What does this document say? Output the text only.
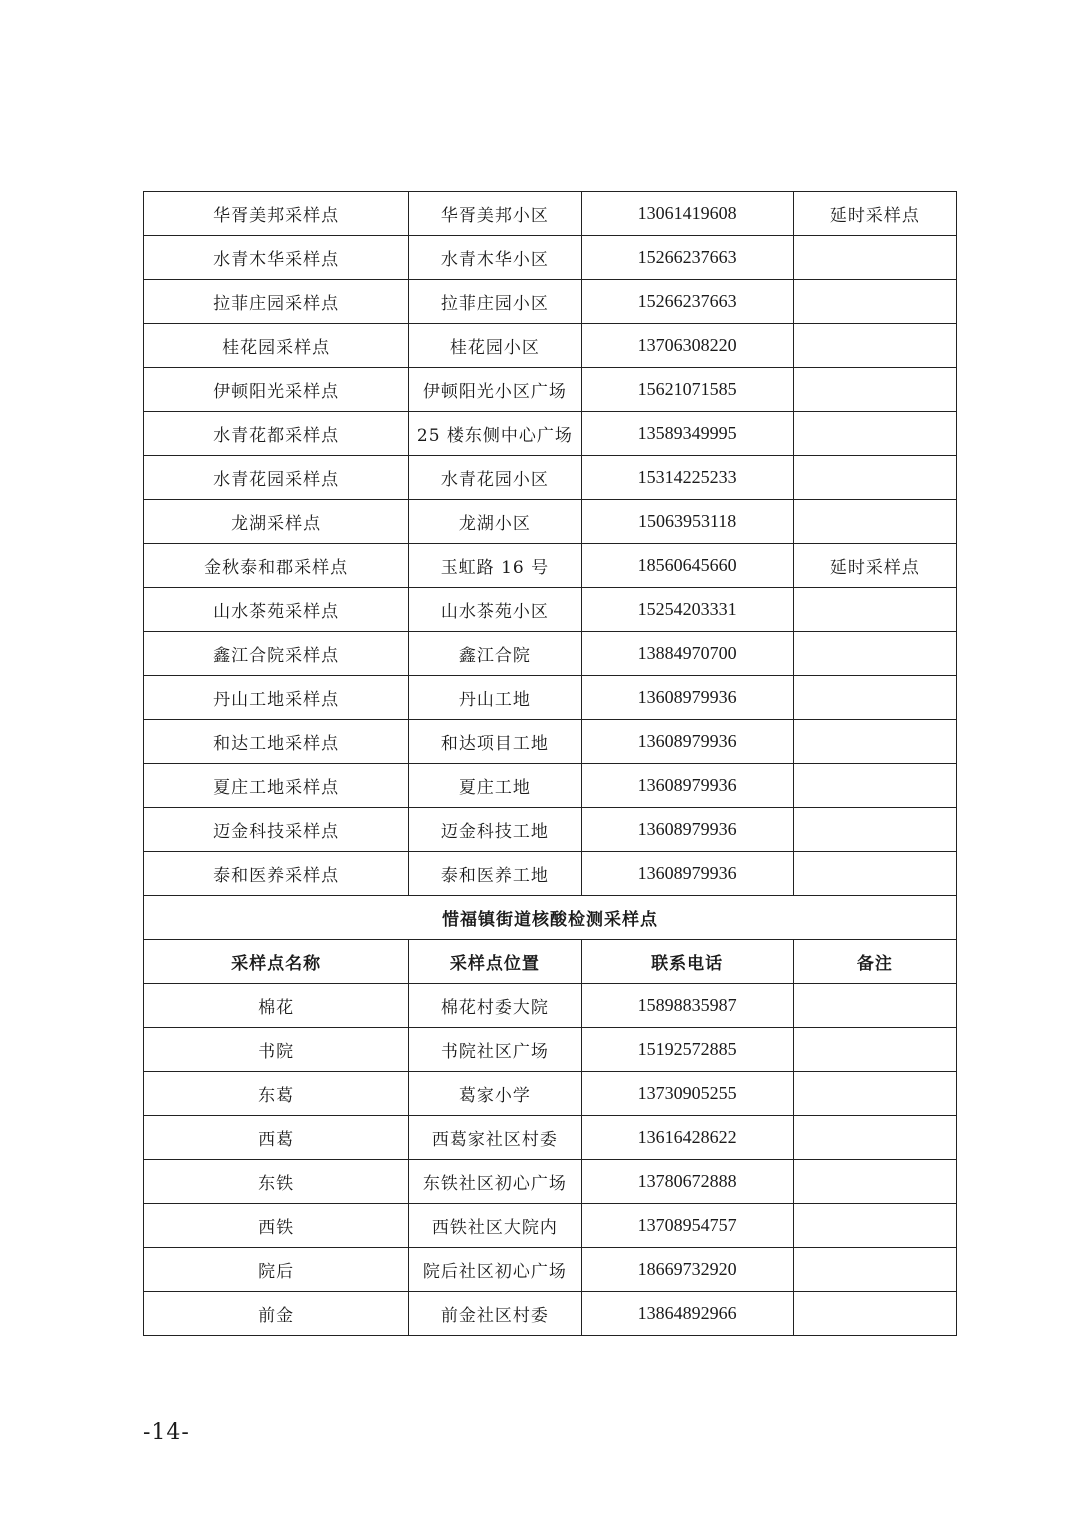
华胥美邦采样点	华胥美邦小区	13061419608	延时采样点
水青木华采样点	水青木华小区	15266237663	
拉菲庄园采样点	拉菲庄园小区	15266237663	
桂花园采样点	桂花园小区	13706308220	
伊顿阳光采样点	伊顿阳光小区广场	15621071585	
水青花都采样点	25 楼东侧中心广场	13589349995	
水青花园采样点	水青花园小区	15314225233	
龙湖采样点	龙湖小区	15063953118	
金秋泰和郡采样点	玉虹路 16 号	18560645660	延时采样点
山水茶苑采样点	山水茶苑小区	15254203331	
鑫江合院采样点	鑫江合院	13884970700	
丹山工地采样点	丹山工地	13608979936	
和达工地采样点	和达项目工地	13608979936	
夏庄工地采样点	夏庄工地	13608979936	
迈金科技采样点	迈金科技工地	13608979936	
泰和医养采样点	泰和医养工地	13608979936	
惜福镇街道核酸检测采样点			
采样点名称	采样点位置	联系电话	备注
棉花	棉花村委大院	15898835987	
书院	书院社区广场	15192572885	
东葛	葛家小学	13730905255	
西葛	西葛家社区村委	13616428622	
东铁	东铁社区初心广场	13780672888	
西铁	西铁社区大院内	13708954757	
院后	院后社区初心广场	18669732920	
前金	前金社区村委	13864892966	
-14-
